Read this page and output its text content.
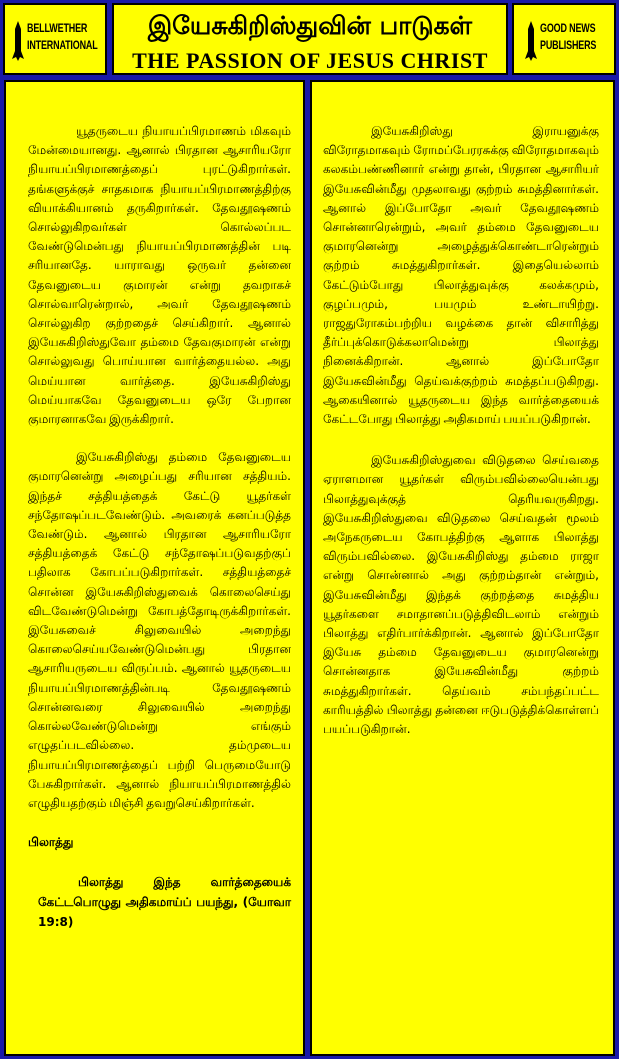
BELLWETHER
INTERNATIONAL
இயேசுகிறிஸ்துவின் பாடுகள்
THE PASSION OF JESUS CHRIST
GOOD NEWS
PUBLISHERS

யூதருடைய நியாயப்பிரமாணம் மிகவும் மேன்மையானது. ஆனால் பிரதான ஆசாரியரோ நியாயப்பிரமாணத்தைப் புரட்டுகிறார்கள். தங்களுக்குச் சாதகமாக நியாயப்பிரமாணத்திற்கு வியாக்கியானம் தருகிறார்கள். தேவதூஷணம் சொல்லுகிறவர்கள் கொல்லப்பட வேண்டுமென்பது நியாயப்பிரமாணத்தின் படி சரியானதே. யாராவது ஒருவர் தன்னை தேவனுடைய குமாரன் என்று தவறாகச் சொல்வாரென்றால், அவர் தேவதூஷணம் சொல்லுகிற குற்றதைச் செய்கிறார். ஆனால் இயேசுகிறிஸ்துவோ தம்மை தேவகுமாரன் என்று சொல்லுவது பொய்யான வார்த்தையல்ல. அது மெய்யான வார்த்தை. இயேசுகிறிஸ்து மெய்யாகவே தேவனுடைய ஒரே பேறான குமாரனாகவே இருக்கிறார்.

இயேசுகிறிஸ்து தம்மை தேவனுடைய குமாரனென்று அழைப்பது சரியான சத்தியம். இந்தச் சத்தியத்தைக் கேட்டு யூதர்கள் சந்தோஷப்படவேண்டும். அவரைக் கனப்படுத்த வேண்டும். ஆனால் பிரதான ஆசாரியரோ சத்தியத்தைக் கேட்டு சந்தோஷப்படுவதற்குப் பதிலாக கோபப்படுகிறார்கள். சத்தியத்தைச் சொன்ன இயேசுகிறிஸ்துவைக் கொலைசெய்து விடவேண்டுமென்று கோபத்தோடிருக்கிறார்கள். இயேசுவைச் சிலுவையில் அறைந்து கொலைசெய்யவேண்டுமென்பது பிரதான ஆசாரியருடைய விருப்பம். ஆனால் யூதருடைய நியாயப்பிரமாணத்தின்படி தேவதூஷணம் சொன்னவரை சிலுவையில் அறைந்து கொல்லவேண்டுமென்று எங்கும் எழுதப்படவில்லை. தம்முடைய நியாயப்பிரமாணத்தைப் பற்றி பெருமையோடு பேசுகிறார்கள். ஆனால் நியாயப்பிரமாணத்தில் எழுதியதற்கும் மிஞ்சி தவறுசெய்கிறார்கள்.

பிலாத்து

பிலாத்து இந்த வார்த்தையைக் கேட்டபொழுது அதிகமாய்ப் பயந்து, (யோவா 19:8)

இயேசுகிறிஸ்து இராயனுக்கு விரோதமாகவும் ரோமப்பேரரசுக்கு விரோதமாகவும் கலகம்பண்ணினார் என்று தான், பிரதான ஆசாரியர் இயேசுவின்மீது முதலாவது குற்றம் சுமத்தினார்கள். ஆனால் இப்போதோ அவர் தேவதூஷணம் சொன்னாரென்றும், அவர் தம்மை தேவனுடைய குமாரனென்று அழைத்துக்கொண்டாரென்றும் குற்றம் சுமத்துகிறார்கள். இதையெல்லாம் கேட்டும்போது பிலாத்துவுக்கு கலக்கமும், குழப்பமும், பயமும் உண்டாயிற்று. ராஜதுரோகம்பற்றிய வழக்கை தான் விசாரித்து தீர்ப்புக்கொடுக்கலாமென்று பிலாத்து நினைக்கிறான். ஆனால் இப்போதோ இயேசுவின்மீது தெய்வக்குற்றம் சுமத்தப்படுகிறது. ஆகையினால் யூதருடைய இந்த வார்த்தையைக் கேட்டபோது பிலாத்து அதிகமாய் பயப்படுகிறான்.

இயேசுகிறிஸ்துவை விடுதலை செய்வதை ஏராளமான யூதர்கள் விரும்பவில்லையென்பது பிலாத்துவுக்குத் தெரியவருகிறது. இயேசுகிறிஸ்துவை விடுதலை செய்வதன் மூலம் அநேகருடைய கோபத்திற்கு ஆளாக பிலாத்து விரும்பவில்லை. இயேசுகிறிஸ்து தம்மை ராஜா என்று சொன்னால் அது குற்றம்தான் என்றும், இயேசுவின்மீது இந்தக் குற்றத்தை சுமத்திய யூதர்களை சமாதானப்படுத்திவிடலாம் என்றும் பிலாத்து எதிர்பார்க்கிறான். ஆனால் இப்போதோ இயேசு தம்மை தேவனுடைய குமாரனென்று சொன்னதாக இயேசுவின்மீது குற்றம் சுமத்துகிறார்கள். தெய்வம் சம்பந்தப்பட்ட காரியத்தில் பிலாத்து தன்னை ஈடுபடுத்திக்கொள்ளப் பயப்படுகிறான்.
